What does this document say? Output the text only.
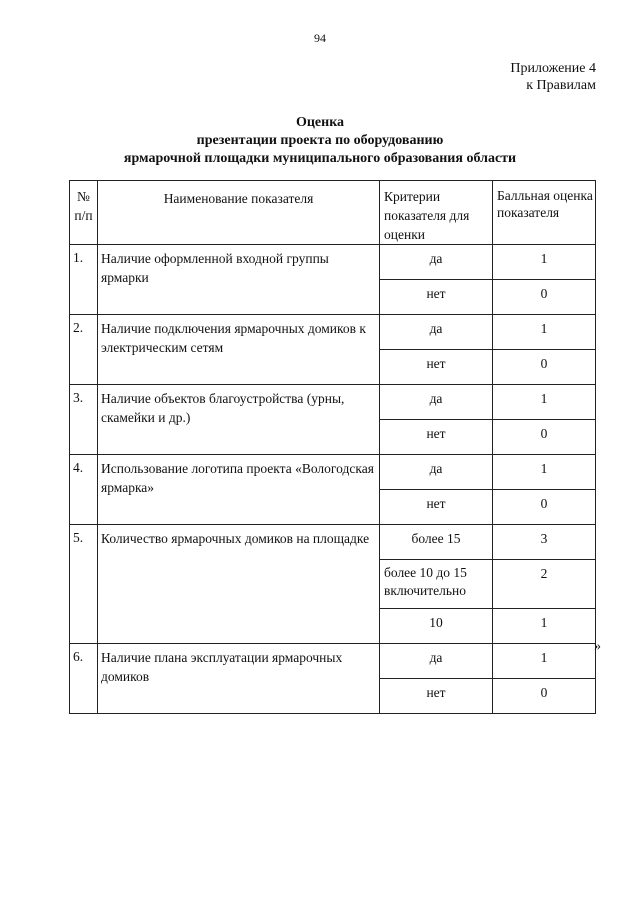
94
Приложение 4
к Правилам
Оценка
презентации проекта по оборудованию
ярмарочной площадки муниципального образования области
№ п/п	Наименование показателя	Критерии показателя для оценки	Балльная оценка показателя
1.	Наличие оформленной входной группы ярмарки	да	1
		нет	0
2.	Наличие подключения ярмарочных домиков к электрическим сетям	да	1
		нет	0
3.	Наличие объектов благоустройства (урны, скамейки и др.)	да	1
		нет	0
4.	Использование логотипа проекта «Вологодская ярмарка»	да	1
		нет	0
5.	Количество ярмарочных домиков на площадке	более 15	3
		более 10 до 15 включительно	2
		10	1
6.	Наличие плана эксплуатации ярмарочных домиков	да	1
		нет	0
»
